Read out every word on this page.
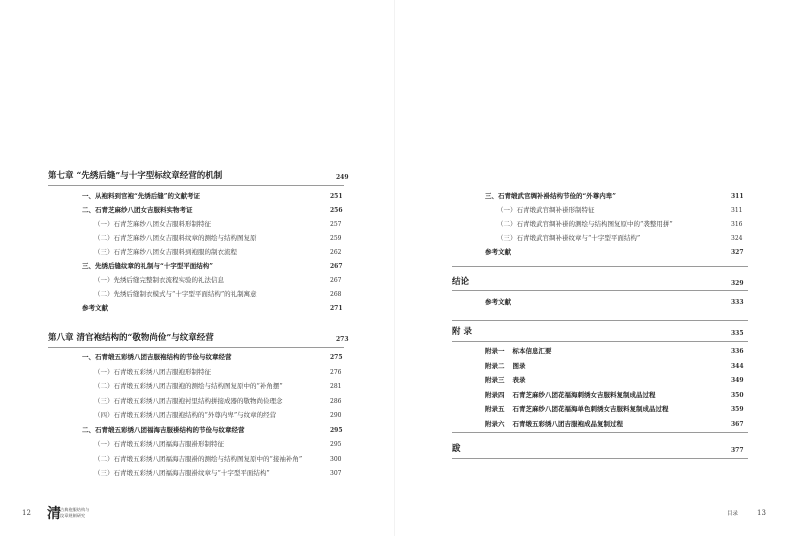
第七章 “先绣后缝”与十字型标纹章经营的机制	249
一、从袍料到官袍“先绣后缝”的文献考证	251
二、石青芝麻纱八团女吉服料实物考证	256
（一）石青芝麻纱八团女吉服料形制特征	257
（二）石青芝麻纱八团女吉服料纹章的测绘与结构图复原	259
（三）石青芝麻纱八团女吉服料到袍服的制衣流程	262
三、先绣后缝纹章的礼制与“十字型平面结构”	267
（一）先绣后缝完整制衣流程实验的礼法信息	267
（二）先绣后缝制衣模式与“十字型平面结构”的礼制寓意	268
参考文献	271
第八章 清官袍结构的“敬物尚俭”与纹章经营	273
一、石青缎五彩绣八团吉服袍结构的节俭与纹章经营	275
（一）石青缎五彩绣八团吉服袍形制特征	276
（二）石青缎五彩绣八团吉服袍的测绘与结构图复原中的“补角摆”	281
（三）石青缎五彩绣八团吉服袍衬里结构拼接成器的敬物尚俭理念	286
（四）石青缎五彩绣八团吉服袍结构的“外尊内卑”与纹章的经营	290
二、石青缎五彩绣八团福海吉服褂结构的节俭与纹章经营	295
（一）石青缎五彩绣八团福海吉服褂形制特征	295
（二）石青缎五彩绣八团福海吉服褂的测绘与结构图复原中的“接袖补角”	300
（三）石青缎五彩绣八团福海吉服褂纹章与“十字型平面结构”	307
12 清 古典袍服结构与
纹章规制研究
三、石青缎武官绸补褂结构节俭的“外尊内卑”	311
（一）石青缎武官绸补褂形制特征	311
（二）石青缎武官绸补褂的测绘与结构图复原中的“袭整用拼”	316
（三）石青缎武官绸补褂纹章与“十字型平面结构”	324
参考文献	327
结论	329
参考文献	333
附 录	335
附录一 标本信息汇要	336
附录二 图录	344
附录三 表录	349
附录四 石青芝麻纱八团花福海刺绣女吉服料复制成品过程	350
附录五 石青芝麻纱八团花福海单色刺绣女吉服料复制成品过程	359
附录六 石青缎五彩绣八团吉服袍成品复制过程	367
跋	377
目录	13
